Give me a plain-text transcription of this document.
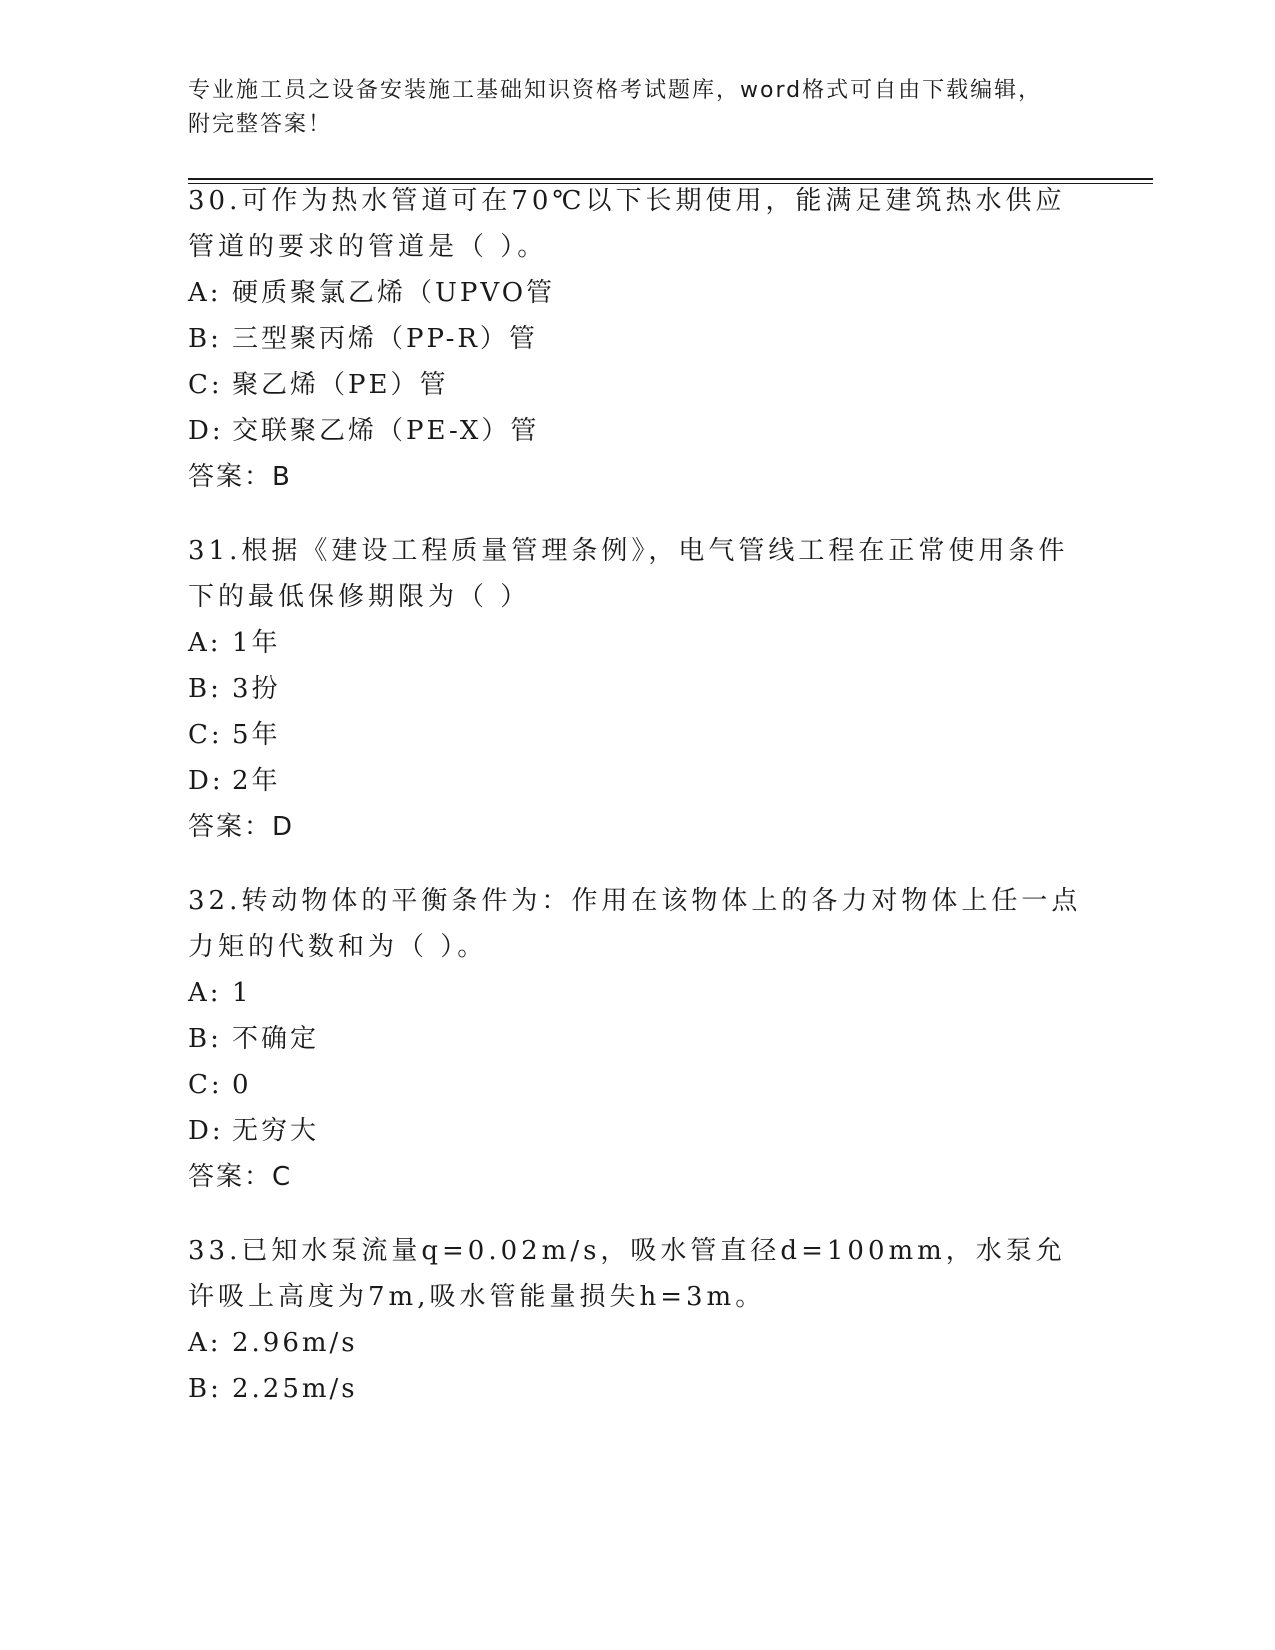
专业施工员之设备安装施工基础知识资格考试题库，word格式可自由下载编辑，
附完整答案！

30.可作为热水管道可在70℃以下长期使用，能满足建筑热水供应管道的要求的管道是（ ）。

A: 硬质聚氯乙烯（UPVO管

B: 三型聚丙烯（PP-R）管

C: 聚乙烯（PE）管

D: 交联聚乙烯（PE-X）管

答案：B

31.根据《建设工程质量管理条例》，电气管线工程在正常使用条件下的最低保修期限为（ ）

A: 1年

B: 3扮

C: 5年

D: 2年

答案：D

32.转动物体的平衡条件为：作用在该物体上的各力对物体上任一点力矩的代数和为（ ）。

A: 1

B: 不确定

C: 0

D: 无穷大

答案：C

33.已知水泵流量q=0.02m/s，吸水管直径d=100mm，水泵允许吸上高度为7m,吸水管能量损失h=3m。

A: 2.96m/s

B: 2.25m/s
